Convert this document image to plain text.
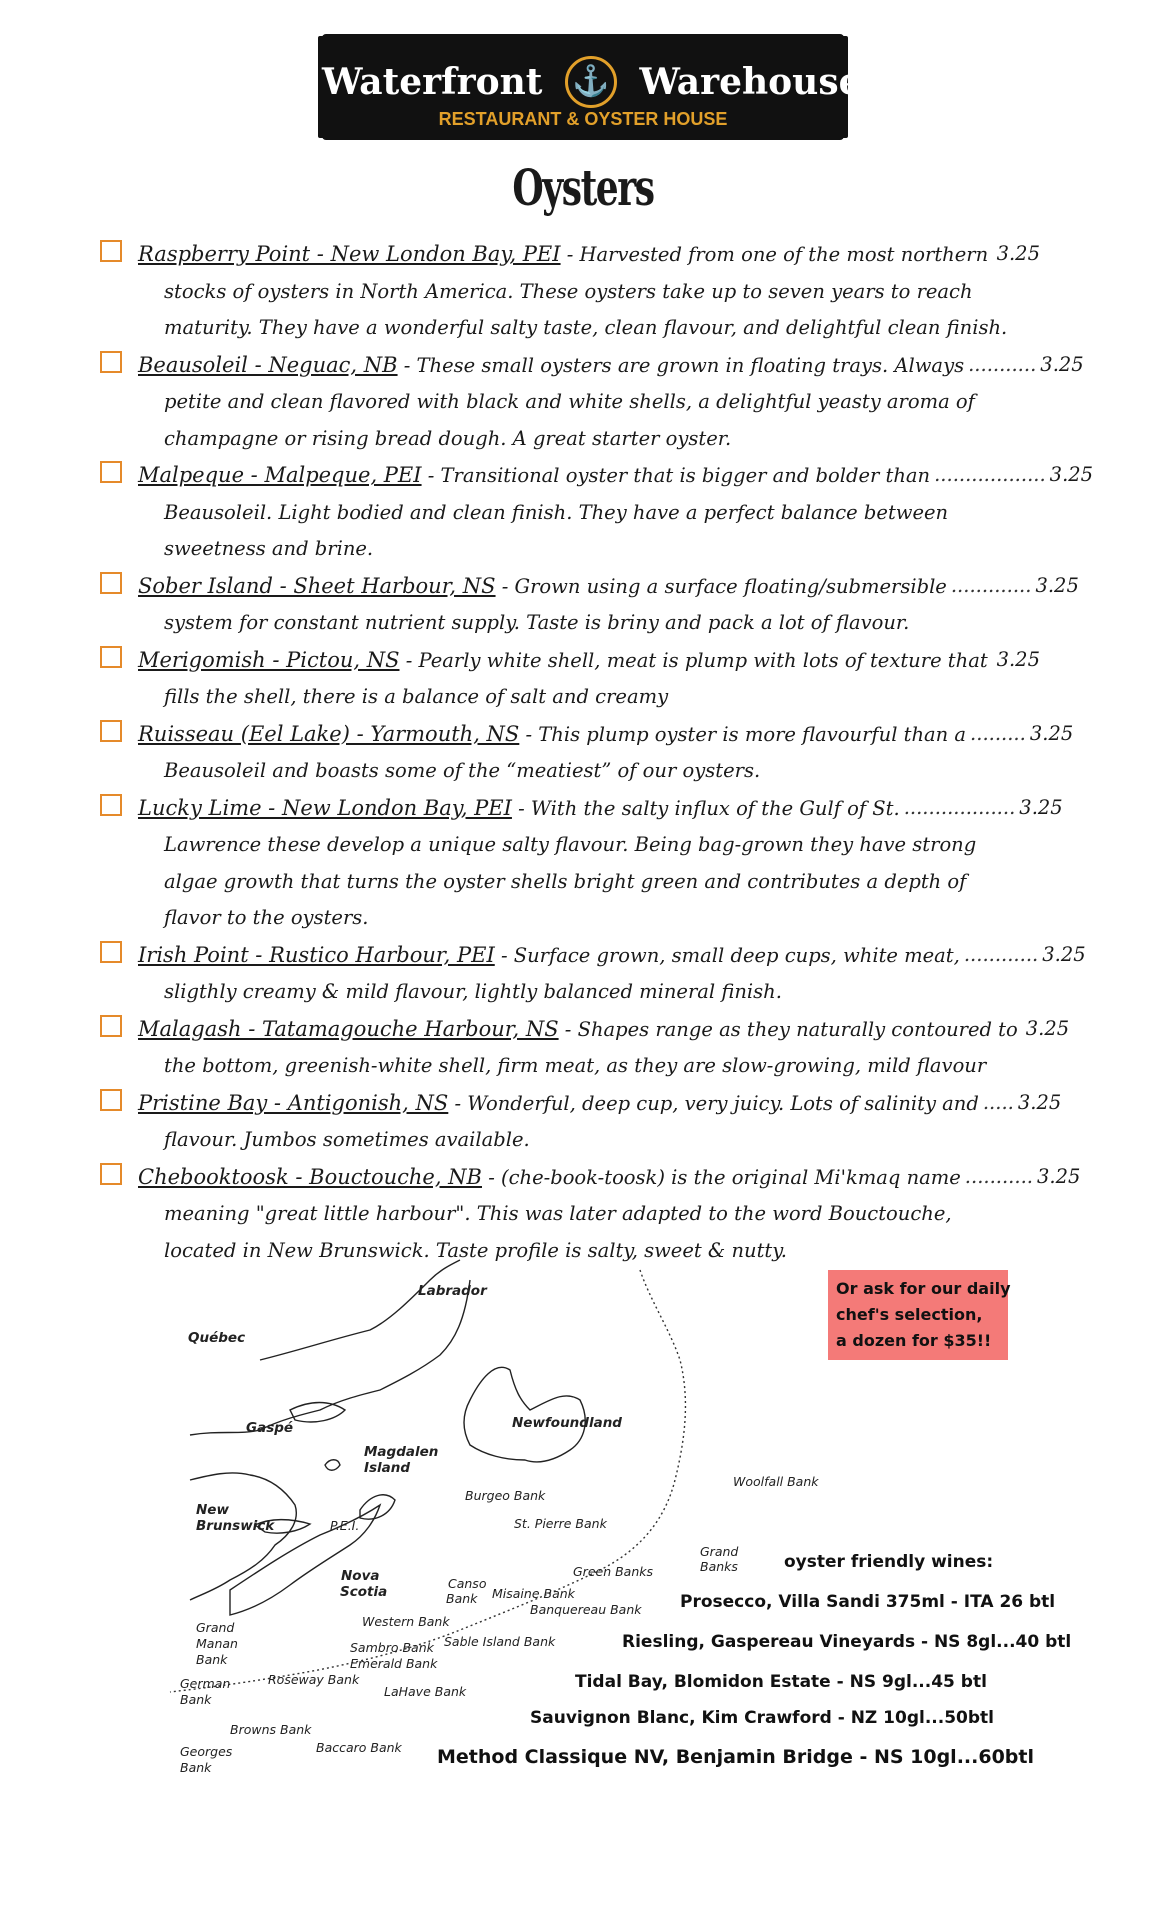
Waterfront ⚓ Warehouse
RESTAURANT & OYSTER HOUSE
Oysters
Raspberry Point - New London Bay, PEI - Harvested from one of the most northern 3.25
stocks of oysters in North America. These oysters take up to seven years to reach
maturity. They have a wonderful salty taste, clean flavour, and delightful clean finish.
Beausoleil - Neguac, NB - These small oysters are grown in floating trays. Always ........... 3.25
petite and clean flavored with black and white shells, a delightful yeasty aroma of
champagne or rising bread dough. A great starter oyster.
Malpeque - Malpeque, PEI - Transitional oyster that is bigger and bolder than .................. 3.25
Beausoleil. Light bodied and clean finish. They have a perfect balance between
sweetness and brine.
Sober Island - Sheet Harbour, NS - Grown using a surface floating/submersible ............. 3.25
system for constant nutrient supply. Taste is briny and pack a lot of flavour.
Merigomish - Pictou, NS - Pearly white shell, meat is plump with lots of texture that 3.25
fills the shell, there is a balance of salt and creamy
Ruisseau (Eel Lake) - Yarmouth, NS - This plump oyster is more flavourful than a ......... 3.25
Beausoleil and boasts some of the “meatiest” of our oysters.
Lucky Lime - New London Bay, PEI - With the salty influx of the Gulf of St. .................. 3.25
Lawrence these develop a unique salty flavour. Being bag-grown they have strong
algae growth that turns the oyster shells bright green and contributes a depth of
flavor to the oysters.
Irish Point - Rustico Harbour, PEI - Surface grown, small deep cups, white meat, ............ 3.25
sligthly creamy & mild flavour, lightly balanced mineral finish.
Malagash - Tatamagouche Harbour, NS - Shapes range as they naturally contoured to 3.25
the bottom, greenish-white shell, firm meat, as they are slow-growing, mild flavour
Pristine Bay - Antigonish, NS - Wonderful, deep cup, very juicy. Lots of salinity and ..... 3.25
flavour. Jumbos sometimes available.
Chebooktoosk - Bouctouche, NB - (che-book-toosk) is the original Mi'kmaq name ........... 3.25
meaning "great little harbour". This was later adapted to the word Bouctouche,
located in New Brunswick. Taste profile is salty, sweet & nutty.
Labrador
Québec
Gaspé
Magdalen
Island
Newfoundland
New
Brunswick	P.E.I.
Burgeo Bank
St. Pierre Bank
Woolfall Bank
Nova
Scotia
Canso
Bank Misaine Bank
Banquereau Bank
Green Banks
Grand
Banks
Western Bank
Sambro Bank
Emerald Bank
Sable Island Bank
Grand
Manan
Bank
German
Bank
Roseway Bank
LaHave Bank
Browns Bank
Baccaro Bank
Georges
Bank
Or ask for our daily
chef's selection,
a dozen for $35!!
oyster friendly wines:
Prosecco, Villa Sandi 375ml - ITA 26 btl
Riesling, Gaspereau Vineyards - NS 8gl...40 btl
Tidal Bay, Blomidon Estate - NS 9gl...45 btl
Sauvignon Blanc, Kim Crawford - NZ 10gl...50btl
Method Classique NV, Benjamin Bridge - NS 10gl...60btl
